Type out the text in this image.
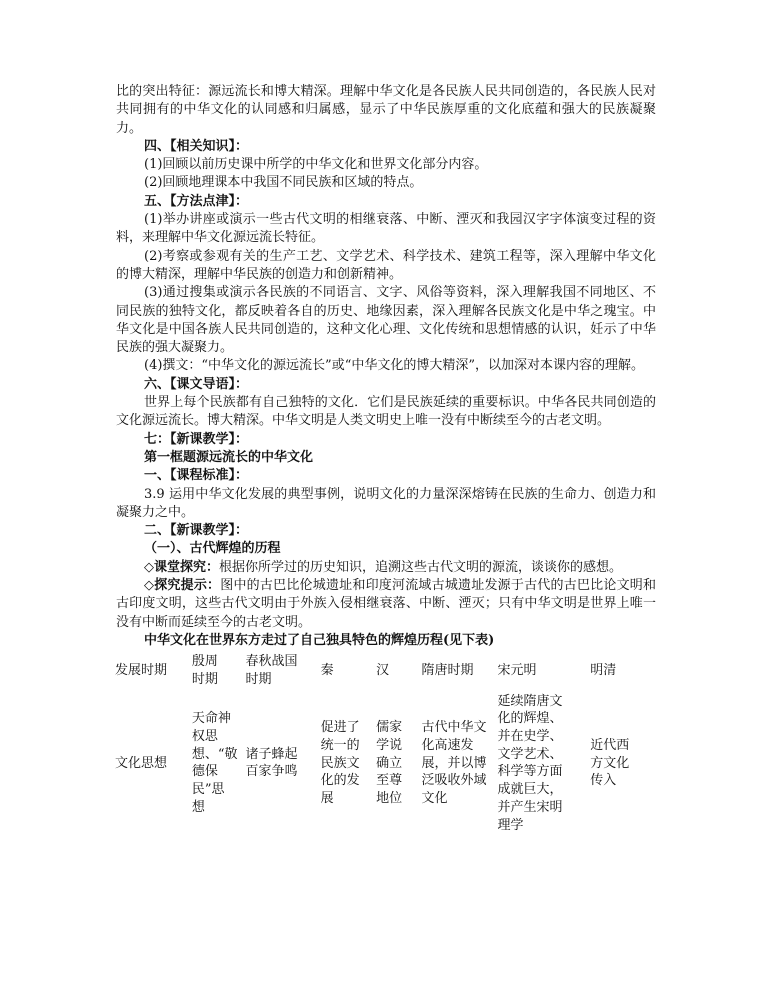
比的突出特征：源远流长和博大精深。理解中华文化是各民族人民共同创造的，各民族人民对共同拥有的中华文化的认同感和归属感，显示了中华民族厚重的文化底蕴和强大的民族凝聚力。

四、【相关知识】：

(1)回顾以前历史课中所学的中华文化和世界文化部分内容。

(2)回顾地理课本中我国不同民族和区域的特点。

五、【方法点津】：

(1)举办讲座或演示一些古代文明的相继衰落、中断、湮灭和我园汉字字体演变过程的资料，来理解中华文化源远流长特征。

(2)考察或参观有关的生产工艺、文学艺术、科学技术、建筑工程等，深入理解中华文化的博大精深，理解中华民族的创造力和创新精神。

(3)通过搜集或演示各民族的不同语言、文字、风俗等资料，深入理解我国不同地区、不同民族的独特文化，都反映着各自的历史、地缘因素，深入理解各民族文化是中华之瑰宝。中华文化是中国各族人民共同创造的，这种文化心理、文化传统和思想情感的认识，妊示了中华民族的强大凝聚力。

(4)撰文：“中华文化的源远流长”或“中华文化的博大精深”，以加深对本课内容的理解。

六、【课文导语】：

世界上每个民族都有自己独特的文化．它们是民族延续的重要标识。中华各民共同创造的文化源远流长。博大精深。中华文明是人类文明史上唯一没有中断续至今的古老文明。

七：【新课教学】：

第一框题源远流长的中华文化

一、【课程标准】：

3.9 运用中华文化发展的典型事例，说明文化的力量深深熔铸在民族的生命力、创造力和凝聚力之中。

二、【新课教学】：

（一）、古代辉煌的历程

◇课堂探究：根据你所学过的历史知识，追溯这些古代文明的源流，谈谈你的感想。

◇探究提示：图中的古巴比伦城遗址和印度河流域古城遗址发源于古代的古巴比论文明和古印度文明，这些古代文明由于外族入侵相继衰落、中断、湮灭；只有中华文明是世界上唯一没有中断而延续至今的古老文明。

中华文化在世界东方走过了自己独具特色的辉煌历程(见下表)

发展时期	殷周时期	春秋战国时期	秦	汉	隋唐时期	宋元明	明清
文化思想	天命神权思想、“敬德保民”思想	诸子蜂起百家争鸣	促进了统一的民族文化的发展	儒家学说确立至尊地位	古代中华文化高速发展，并以博泛吸收外域文化	延续隋唐文化的辉煌、并在史学、文学艺术、科学等方面成就巨大，并产生宋明理学	近代西方文化传入
